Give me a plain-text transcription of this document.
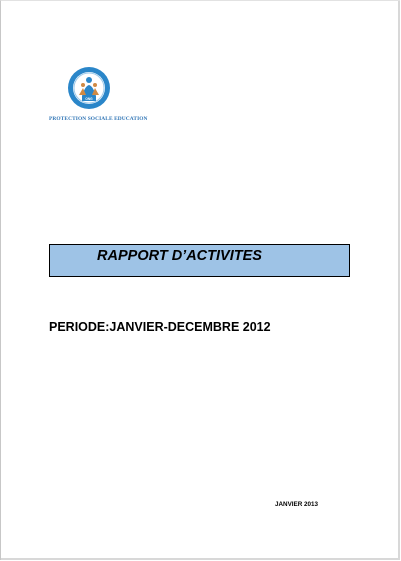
ONG
PROTECTION SOCIALE EDUCATION
RAPPORT D’ACTIVITES
PERIODE:JANVIER-DECEMBRE 2012
JANVIER 2013
